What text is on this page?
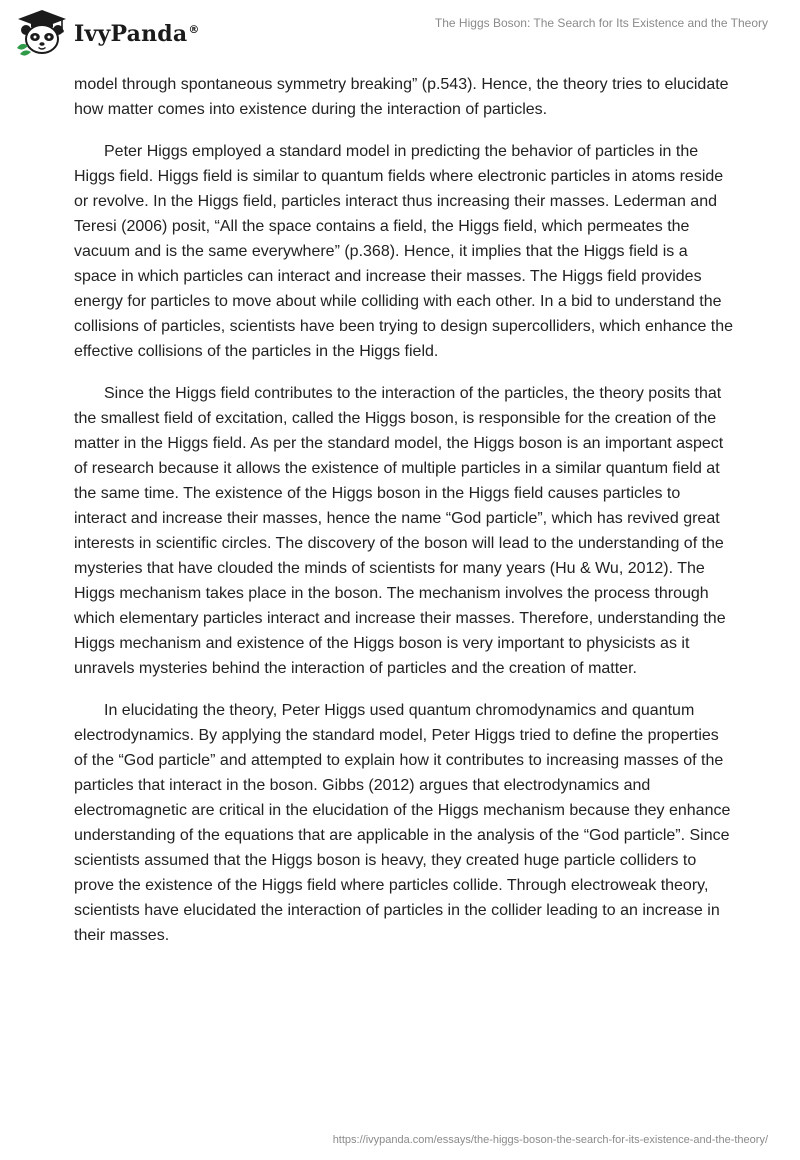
IvyPanda®	The Higgs Boson: The Search for Its Existence and the Theory

model through spontaneous symmetry breaking” (p.543). Hence, the theory tries to elucidate how matter comes into existence during the interaction of particles.

Peter Higgs employed a standard model in predicting the behavior of particles in the Higgs field. Higgs field is similar to quantum fields where electronic particles in atoms reside or revolve. In the Higgs field, particles interact thus increasing their masses. Lederman and Teresi (2006) posit, “All the space contains a field, the Higgs field, which permeates the vacuum and is the same everywhere” (p.368). Hence, it implies that the Higgs field is a space in which particles can interact and increase their masses. The Higgs field provides energy for particles to move about while colliding with each other. In a bid to understand the collisions of particles, scientists have been trying to design supercolliders, which enhance the effective collisions of the particles in the Higgs field.

Since the Higgs field contributes to the interaction of the particles, the theory posits that the smallest field of excitation, called the Higgs boson, is responsible for the creation of the matter in the Higgs field. As per the standard model, the Higgs boson is an important aspect of research because it allows the existence of multiple particles in a similar quantum field at the same time. The existence of the Higgs boson in the Higgs field causes particles to interact and increase their masses, hence the name “God particle”, which has revived great interests in scientific circles. The discovery of the boson will lead to the understanding of the mysteries that have clouded the minds of scientists for many years (Hu & Wu, 2012). The Higgs mechanism takes place in the boson. The mechanism involves the process through which elementary particles interact and increase their masses. Therefore, understanding the Higgs mechanism and existence of the Higgs boson is very important to physicists as it unravels mysteries behind the interaction of particles and the creation of matter.

In elucidating the theory, Peter Higgs used quantum chromodynamics and quantum electrodynamics. By applying the standard model, Peter Higgs tried to define the properties of the “God particle” and attempted to explain how it contributes to increasing masses of the particles that interact in the boson. Gibbs (2012) argues that electrodynamics and electromagnetic are critical in the elucidation of the Higgs mechanism because they enhance understanding of the equations that are applicable in the analysis of the “God particle”. Since scientists assumed that the Higgs boson is heavy, they created huge particle colliders to prove the existence of the Higgs field where particles collide. Through electroweak theory, scientists have elucidated the interaction of particles in the collider leading to an increase in their masses.

https://ivypanda.com/essays/the-higgs-boson-the-search-for-its-existence-and-the-theory/
